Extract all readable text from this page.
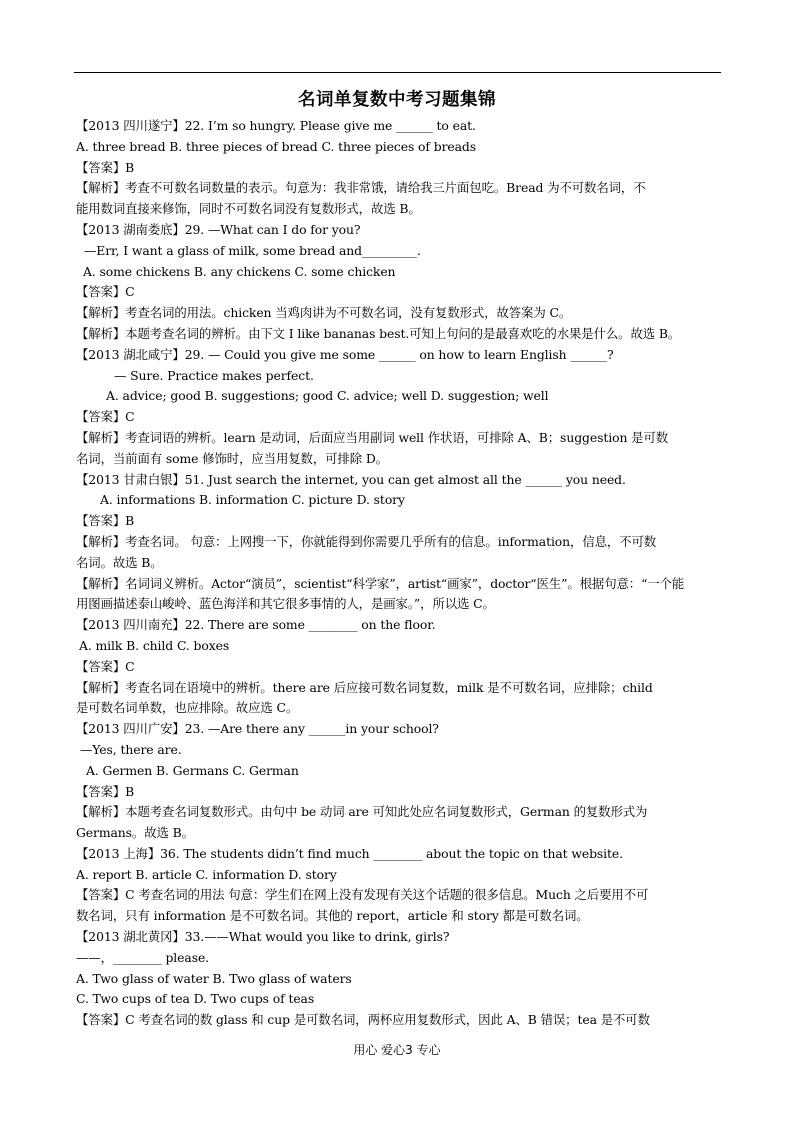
名词单复数中考习题集锦
【2013 四川遂宁】22. I’m so hungry. Please give me ______ to eat.
A. three bread B. three pieces of bread C. three pieces of breads
【答案】B
【解析】考查不可数名词数量的表示。句意为：我非常饿，请给我三片面包吃。Bread 为不可数名词，不
能用数词直接来修饰，同时不可数名词没有复数形式，故选 B。
【2013 湖南娄底】29. —What can I do for you?
—Err, I want a glass of milk, some bread and_________.
A. some chickens B. any chickens C. some chicken
【答案】C
【解析】考查名词的用法。chicken 当鸡肉讲为不可数名词，没有复数形式，故答案为 C。
【解析】本题考查名词的辨析。由下文 I like bananas best.可知上句问的是最喜欢吃的水果是什么。故选 B。
【2013 湖北咸宁】29. — Could you give me some ______ on how to learn English ______?
— Sure. Practice makes perfect.
A. advice; good B. suggestions; good C. advice; well D. suggestion; well
【答案】C
【解析】考查词语的辨析。learn 是动词，后面应当用副词 well 作状语，可排除 A、B；suggestion 是可数
名词，当前面有 some 修饰时，应当用复数，可排除 D。
【2013 甘肃白银】51. Just search the internet, you can get almost all the ______ you need.
A. informations B. information C. picture D. story
【答案】B
【解析】考查名词。 句意：上网搜一下，你就能得到你需要几乎所有的信息。information，信息，不可数
名词。故选 B。
【解析】名词词义辨析。Actor“演员”，scientist“科学家”，artist“画家”，doctor“医生”。根据句意：“一个能
用图画描述泰山峻岭、蓝色海洋和其它很多事情的人，是画家。”，所以选 C。
【2013 四川南充】22. There are some ________ on the floor.
A. milk B. child C. boxes
【答案】C
【解析】考查名词在语境中的辨析。there are 后应接可数名词复数，milk 是不可数名词，应排除；child
是可数名词单数，也应排除。故应选 C。
【2013 四川广安】23. —Are there any ______in your school?
—Yes, there are.
A. Germen B. Germans C. German
【答案】B
【解析】本题考查名词复数形式。由句中 be 动词 are 可知此处应名词复数形式，German 的复数形式为
Germans。故选 B。
【2013 上海】36. The students didn’t find much ________ about the topic on that website.
A. report B. article C. information D. story
【答案】C 考查名词的用法 句意：学生们在网上没有发现有关这个话题的很多信息。Much 之后要用不可
数名词，只有 information 是不可数名词。其他的 report，article 和 story 都是可数名词。
【2013 湖北黄冈】33.——What would you like to drink, girls?
——，________ please.
A. Two glass of water B. Two glass of waters
C. Two cups of tea D. Two cups of teas
【答案】C 考查名词的数 glass 和 cup 是可数名词，两杯应用复数形式，因此 A、B 错误；tea 是不可数
用心 爱心3 专心
